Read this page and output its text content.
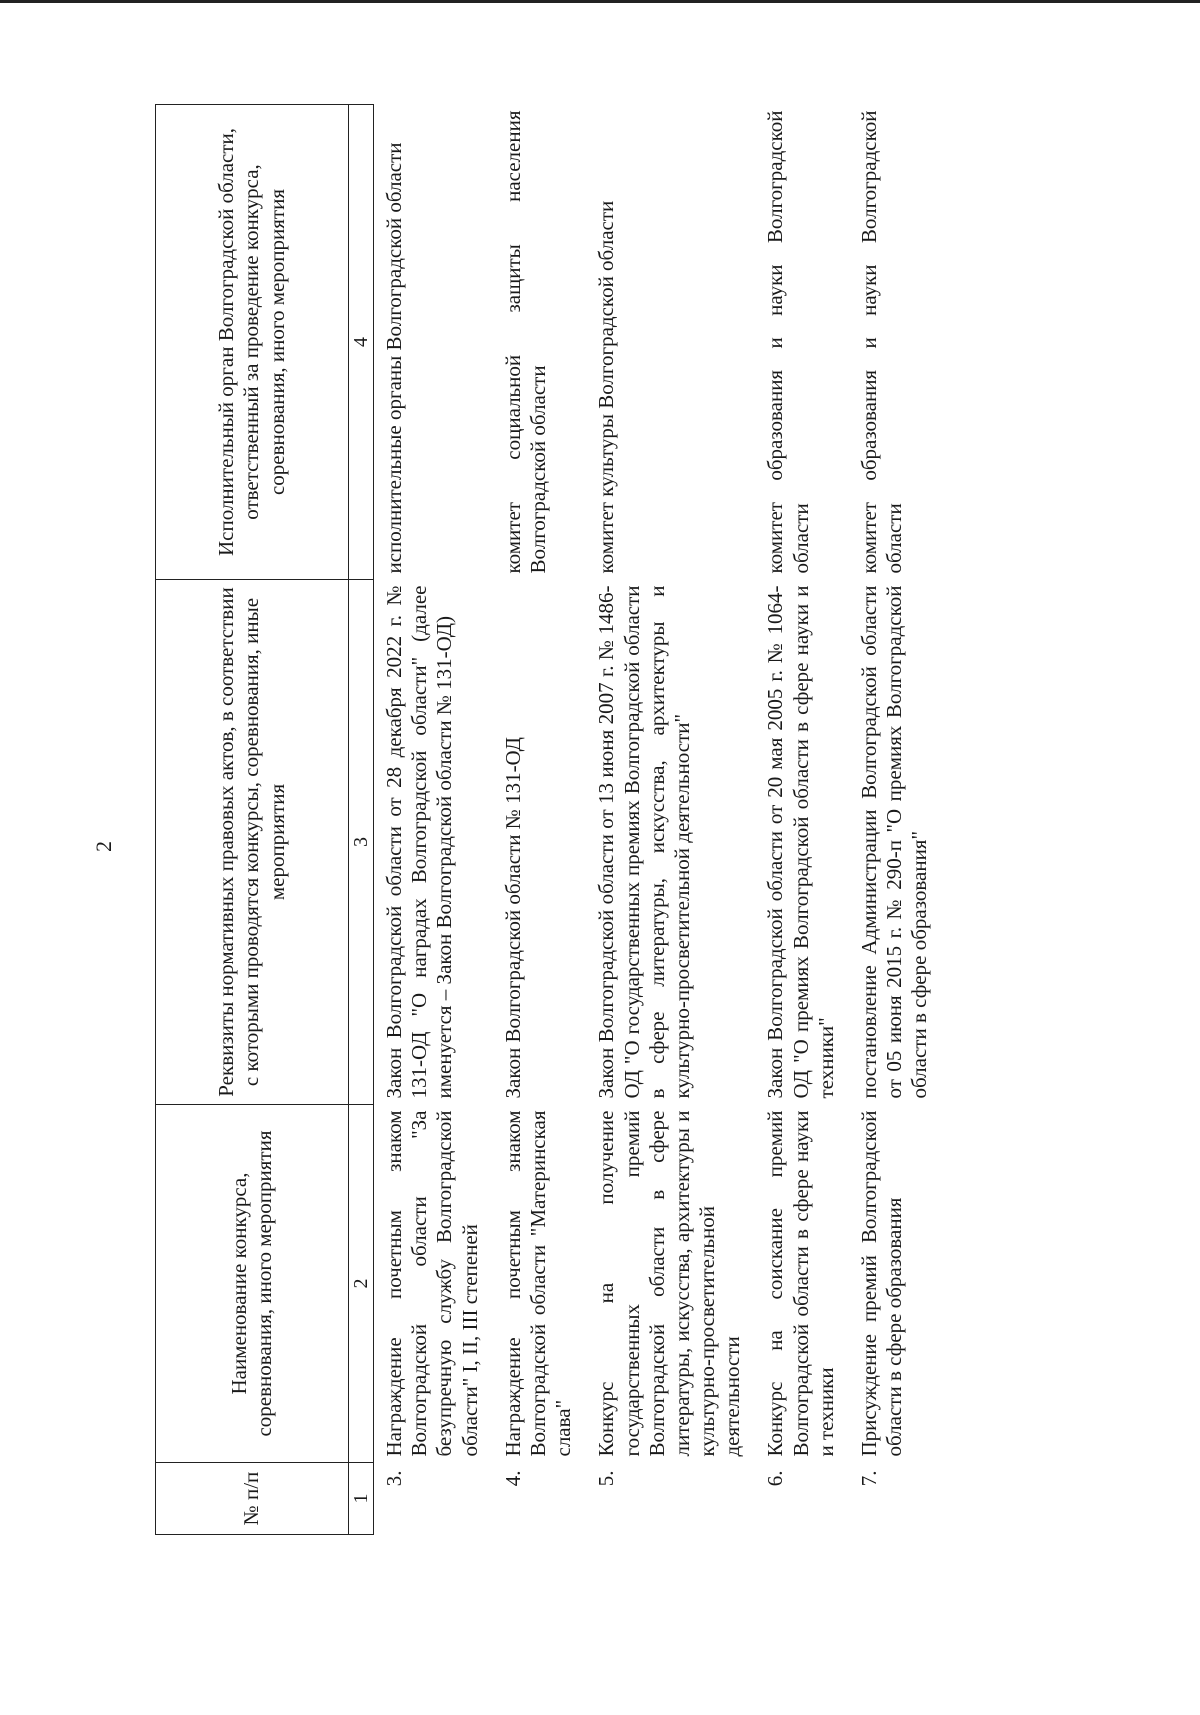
2
№ п/п	Наименование конкурса, соревнования, иного мероприятия	Реквизиты нормативных правовых актов, в соответствии с которыми проводятся конкурсы, соревнования, иные мероприятия	Исполнительный орган Волгоградской области, ответственный за проведение конкурса, соревнования, иного мероприятия
1	2	3	4
3.	Награждение почетным знаком Волгоградской области "За безупречную службу Волгоградской области" I, II, III степеней	Закон Волгоградской области от 28 декабря 2022 г. № 131-ОД "О наградах Волгоградской области" (далее именуется – Закон Волгоградской области № 131-ОД)	исполнительные органы Волгоградской области
4.	Награждение почетным знаком Волгоградской области "Материнская слава"	Закон Волгоградской области № 131-ОД	комитет социальной защиты населения Волгоградской области
5.	Конкурс на получение государственных премий Волгоградской области в сфере литературы, искусства, архитектуры и культурно-просветительной деятельности	Закон Волгоградской области от 13 июня 2007 г. № 1486-ОД "О государственных премиях Волгоградской области в сфере литературы, искусства, архитектуры и культурно-просветительной деятельности"	комитет культуры Волгоградской области
6.	Конкурс на соискание премий Волгоградской области в сфере науки и техники	Закон Волгоградской области от 20 мая 2005 г. № 1064-ОД "О премиях Волгоградской области в сфере науки и техники"	комитет образования и науки Волгоградской области
7.	Присуждение премий Волгоградской области в сфере образования	постановление Администрации Волгоградской области от 05 июня 2015 г. № 290-п "О премиях Волгоградской области в сфере образования"	комитет образования и науки Волгоградской области
